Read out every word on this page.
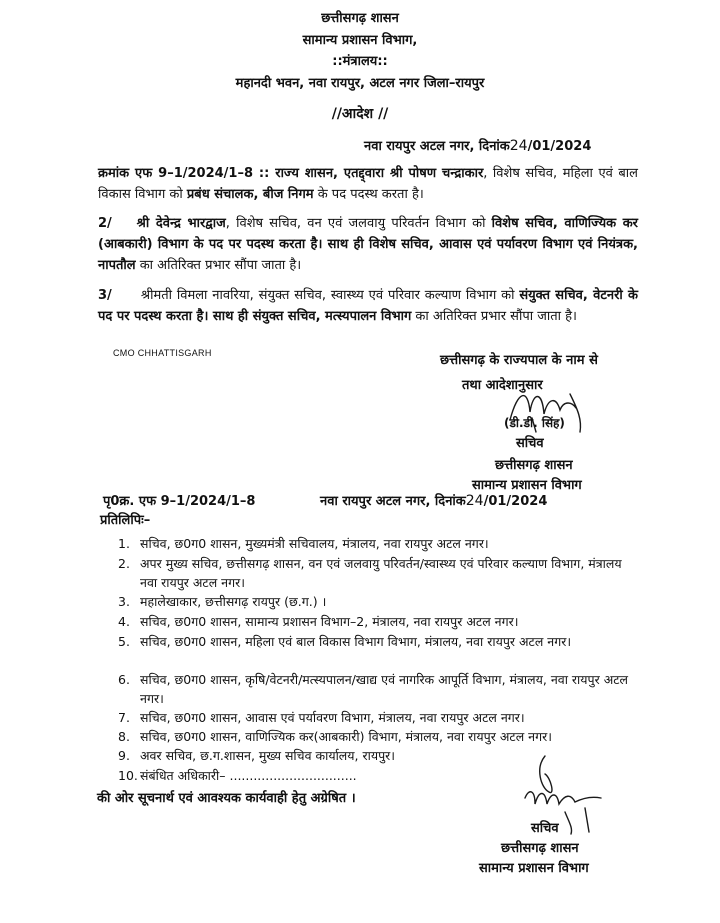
छत्तीसगढ़ शासन
सामान्य प्रशासन विभाग,
::मंत्रालय::
महानदी भवन, नवा रायपुर, अटल नगर जिला–रायपुर
//आदेश //
नवा रायपुर अटल नगर, दिनांक24/01/2024
क्रमांक एफ 9–1/2024/1–8 :: राज्य शासन, एतद्द्वारा श्री पोषण चन्द्राकार, विशेष सचिव, महिला एवं बाल विकास विभाग को प्रबंध संचालक, बीज निगम के पद पदस्थ करता है।
2/ श्री देवेन्द्र भारद्वाज, विशेष सचिव, वन एवं जलवायु परिवर्तन विभाग को विशेष सचिव, वाणिज्यिक कर (आबकारी) विभाग के पद पर पदस्थ करता है। साथ ही विशेष सचिव, आवास एवं पर्यावरण विभाग एवं नियंत्रक, नापतौल का अतिरिक्त प्रभार सौंपा जाता है।
3/ श्रीमती विमला नावरिया, संयुक्त सचिव, स्वास्थ्य एवं परिवार कल्याण विभाग को संयुक्त सचिव, वेटनरी के पद पर पदस्थ करता है। साथ ही संयुक्त सचिव, मत्स्यपालन विभाग का अतिरिक्त प्रभार सौंपा जाता है।
CMO CHHATTISGARH	छत्तीसगढ़ के राज्यपाल के नाम से
तथा आदेशानुसार
(डी.डी. सिंह)
सचिव
छत्तीसगढ़ शासन
सामान्य प्रशासन विभाग
पृ0क्र. एफ 9–1/2024/1–8	नवा रायपुर अटल नगर, दिनांक24/01/2024
प्रतिलिपिः–
1. सचिव, छ0ग0 शासन, मुख्यमंत्री सचिवालय, मंत्रालय, नवा रायपुर अटल नगर।
2. अपर मुख्य सचिव, छत्तीसगढ़ शासन, वन एवं जलवायु परिवर्तन/स्वास्थ्य एवं परिवार कल्याण विभाग, मंत्रालय नवा रायपुर अटल नगर।
3. महालेखाकार, छत्तीसगढ़ रायपुर (छ.ग.) ।
4. सचिव, छ0ग0 शासन, सामान्य प्रशासन विभाग–2, मंत्रालय, नवा रायपुर अटल नगर।
5. सचिव, छ0ग0 शासन, महिला एवं बाल विकास विभाग विभाग, मंत्रालय, नवा रायपुर अटल नगर।
6. सचिव, छ0ग0 शासन, कृषि/वेटनरी/मत्स्यपालन/खाद्य एवं नागरिक आपूर्ति विभाग, मंत्रालय, नवा रायपुर अटल नगर।
7. सचिव, छ0ग0 शासन, आवास एवं पर्यावरण विभाग, मंत्रालय, नवा रायपुर अटल नगर।
8. सचिव, छ0ग0 शासन, वाणिज्यिक कर(आबकारी) विभाग, मंत्रालय, नवा रायपुर अटल नगर।
9. अवर सचिव, छ.ग.शासन, मुख्य सचिव कार्यालय, रायपुर।
10. संबंधित अधिकारी– ................................
की ओर सूचनार्थ एवं आवश्यक कार्यवाही हेतु अग्रेषित ।
सचिव
छत्तीसगढ़ शासन
सामान्य प्रशासन विभाग
